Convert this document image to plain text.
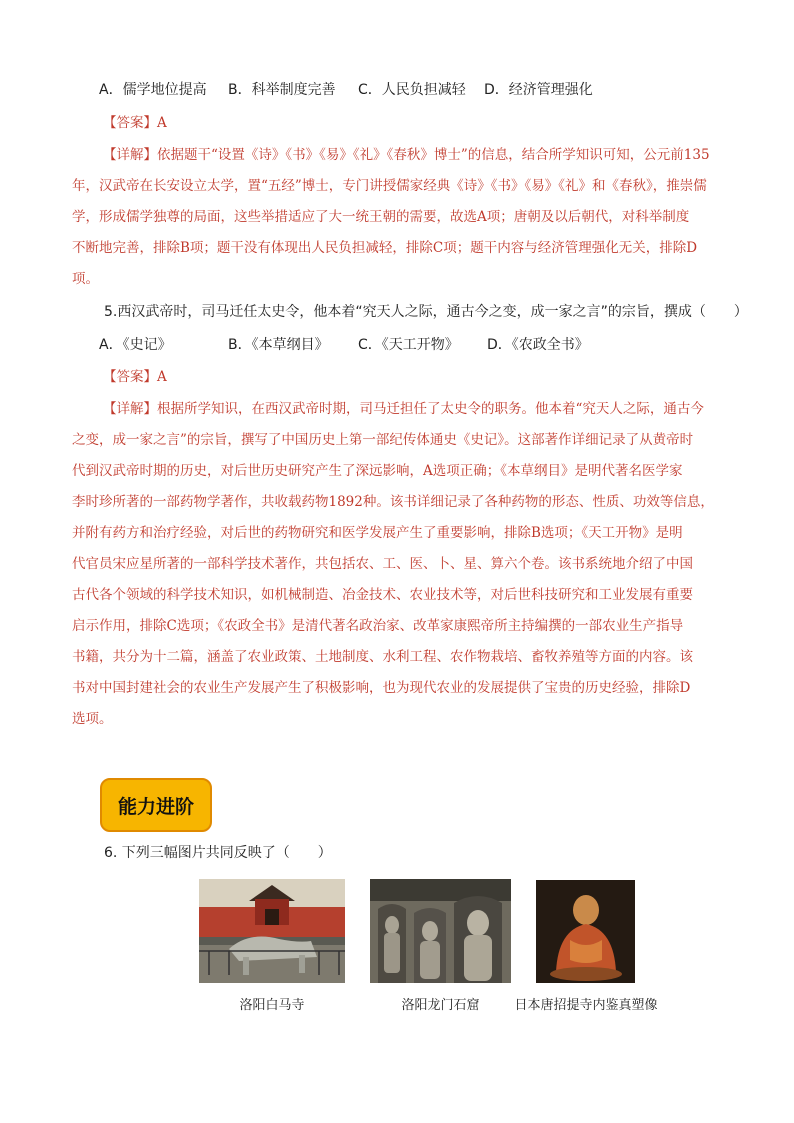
A．儒学地位提高 B．科举制度完善 C．人民负担减轻 D．经济管理强化
【答案】A
【详解】依据题干“设置《诗》《书》《易》《礼》《春秋》博士”的信息，结合所学知识可知，公元前135
年，汉武帝在长安设立太学，置“五经”博士，专门讲授儒家经典《诗》《书》《易》《礼》和《春秋》，推崇儒
学，形成儒学独尊的局面，这些举措适应了大一统王朝的需要，故选A项；唐朝及以后朝代，对科举制度
不断地完善，排除B项；题干没有体现出人民负担减轻，排除C项；题干内容与经济管理强化无关，排除D
项。
5.西汉武帝时，司马迁任太史令，他本着“究天人之际，通古今之变，成一家之言”的宗旨，撰成（　　）
A．《史记》	B．《本草纲目》 C．《天工开物》 D．《农政全书》
【答案】A
【详解】根据所学知识，在西汉武帝时期，司马迁担任了太史令的职务。他本着“究天人之际，通古今
之变，成一家之言”的宗旨，撰写了中国历史上第一部纪传体通史《史记》。这部著作详细记录了从黄帝时
代到汉武帝时期的历史，对后世历史研究产生了深远影响，A选项正确；《本草纲目》是明代著名医学家
李时珍所著的一部药物学著作，共收载药物1892种。该书详细记录了各种药物的形态、性质、功效等信息，
并附有药方和治疗经验，对后世的药物研究和医学发展产生了重要影响，排除B选项；《天工开物》是明
代官员宋应星所著的一部科学技术著作，共包括农、工、医、卜、星、算六个卷。该书系统地介绍了中国
古代各个领域的科学技术知识，如机械制造、冶金技术、农业技术等，对后世科技研究和工业发展有重要
启示作用，排除C选项；《农政全书》是清代著名政治家、改革家康熙帝所主持编撰的一部农业生产指导
书籍，共分为十二篇，涵盖了农业政策、土地制度、水利工程、农作物栽培、畜牧养殖等方面的内容。该
书对中国封建社会的农业生产发展产生了积极影响，也为现代农业的发展提供了宝贵的历史经验，排除D
选项。
能力进阶
6. 下列三幅图片共同反映了（　　）
洛阳白马寺	洛阳龙门石窟	日本唐招提寺内鉴真塑像
